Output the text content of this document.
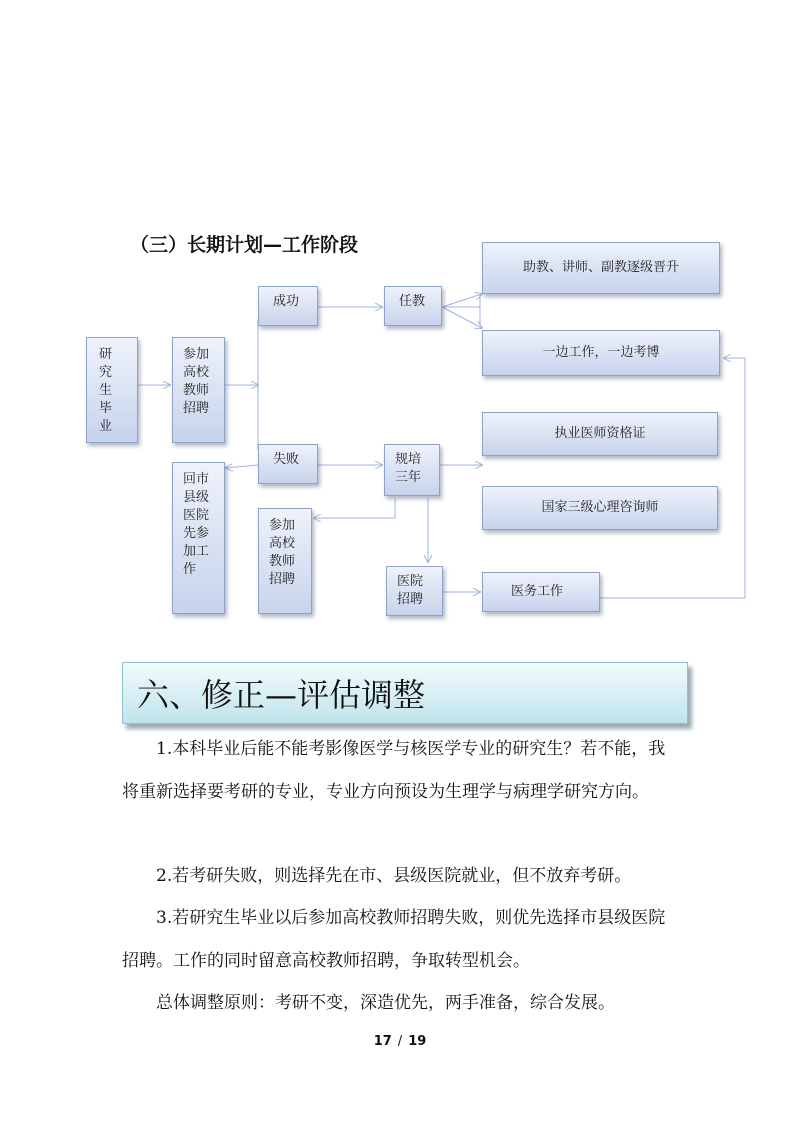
（三）长期计划—工作阶段
研究生毕业
参加高校教师招聘
成功
失败
任教
助教、讲师、副教逐级晋升
一边工作，一边考博
回市县级医院先参加工作
规培三年
参加高校教师招聘
执业医师资格证
国家三级心理咨询师
医院招聘
医务工作
六、修正—评估调整

1.本科毕业后能不能考影像医学与核医学专业的研究生？若不能，我将重新选择要考研的专业，专业方向预设为生理学与病理学研究方向。

2.若考研失败，则选择先在市、县级医院就业，但不放弃考研。

3.若研究生毕业以后参加高校教师招聘失败，则优先选择市县级医院招聘。工作的同时留意高校教师招聘，争取转型机会。

总体调整原则：考研不变，深造优先，两手准备，综合发展。

17 / 19
